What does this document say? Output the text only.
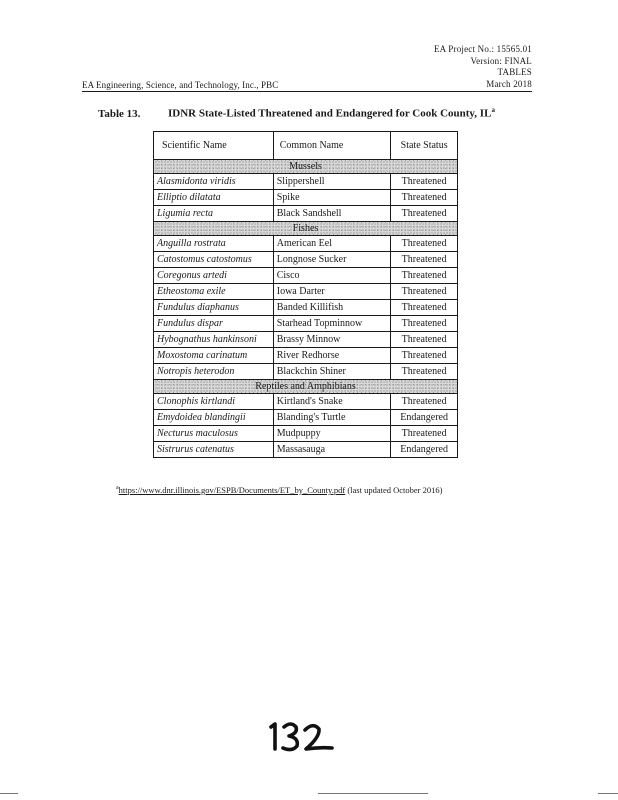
EA Project No.: 15565.01
Version: FINAL
TABLES
March 2018
EA Engineering, Science, and Technology, Inc., PBC
Table 13.	IDNR State-Listed Threatened and Endangered for Cook County, $IL^a$
Scientific Name	Common Name	State Status
Mussels		
Alasmidonta viridis	Slippershell	Threatened
Elliptio dilatata	Spike	Threatened
Ligumia recta	Black Sandshell	Threatened
Fishes		
Anguilla rostrata	American Eel	Threatened
Catostomus catostomus	Longnose Sucker	Threatened
Coregonus artedi	Cisco	Threatened
Etheostoma exile	Iowa Darter	Threatened
Fundulus diaphanus	Banded Killifish	Threatened
Fundulus dispar	Starhead Topminnow	Threatened
Hybognathus hankinsoni	Brassy Minnow	Threatened
Moxostoma carinatum	River Redhorse	Threatened
Notropis heterodon	Blackchin Shiner	Threatened
Reptiles and Amphibians		
Clonophis kirtlandi	Kirtland's Snake	Threatened
Emydoidea blandingii	Blanding's Turtle	Endangered
Necturus maculosus	Mudpuppy	Threatened
Sistrurus catenatus	Massasauga	Endangered
$^a$https://www.dnr.illinois.gov/ESPB/Documents/ET_by_County.pdf (last updated October 2016)
